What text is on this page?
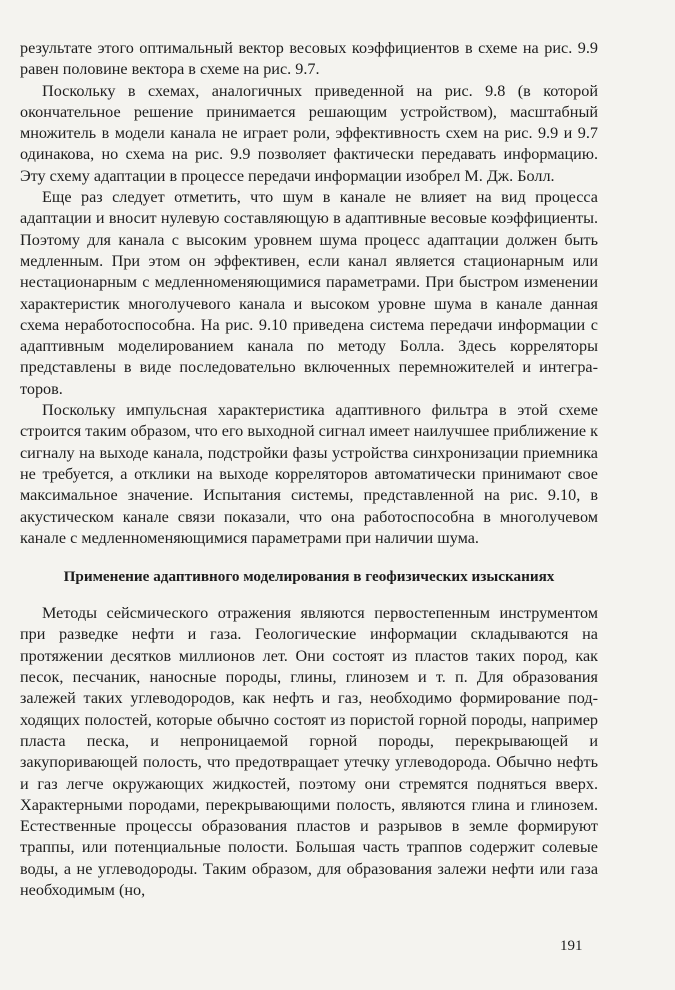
результате этого оптимальный вектор весовых коэффициентов в схеме на рис. 9.9 равен половине вектора в схеме на рис. 9.7.

Поскольку в схемах, аналогичных приведенной на рис. 9.8 (в которой окончательное решение принимается решающим устройством), масштабный множитель в модели канала не играет роли, эффективность схем на рис. 9.9 и 9.7 одинакова, но схема на рис. 9.9 позволяет фактически передавать информацию. Эту схему адаптации в процессе передачи информации изобрел М. Дж. Болл.

Еще раз следует отметить, что шум в канале не влияет на вид процесса адаптации и вносит нулевую составляющую в адаптивные весовые коэффициенты. Поэтому для канала с высоким уровнем шума процесс адаптации должен быть медленным. При этом он эффективен, если канал является стационарным или нестационарным с медленноменяющимися параметрами. При быстром изменении характеристик многолучевого канала и высоком уровне шума в канале данная схема неработоспособна. На рис. 9.10 приведена система передачи информации с адаптивным моделированием канала по методу Болла. Здесь корреляторы представлены в виде последовательно включенных перемножителей и интеграторов.

Поскольку импульсная характеристика адаптивного фильтра в этой схеме строится таким образом, что его выходной сигнал имеет наилучшее приближение к сигналу на выходе канала, подстройки фазы устройства синхронизации приемника не требуется, а отклики на выходе корреляторов автоматически принимают свое максимальное значение. Испытания системы, представленной на рис. 9.10, в акустическом канале связи показали, что она работоспособна в многолучевом канале с медленноменяющимися параметрами при наличии шума.

Применение адаптивного моделирования в геофизических изысканиях

Методы сейсмического отражения являются первостепенным инструментом при разведке нефти и газа. Геологические информации складываются на протяжении десятков миллионов лет. Они состоят из пластов таких пород, как песок, песчаник, наносные породы, глины, глинозем и т. п. Для образования залежей таких углеводородов, как нефть и газ, необходимо формирование подходящих полостей, которые обычно состоят из пористой горной породы, например пласта песка, и непроницаемой горной породы, перекрывающей и закупоривающей полость, что предотвращает утечку углеводорода. Обычно нефть и газ легче окружающих жидкостей, поэтому они стремятся подняться вверх. Характерными породами, перекрывающими полость, являются глина и глинозем. Естественные процессы образования пластов и разрывов в земле формируют траппы, или потенциальные полости. Большая часть траппов содержит солевые воды, а не углеводороды. Таким образом, для образования залежи нефти или газа необходимым (но,

191
